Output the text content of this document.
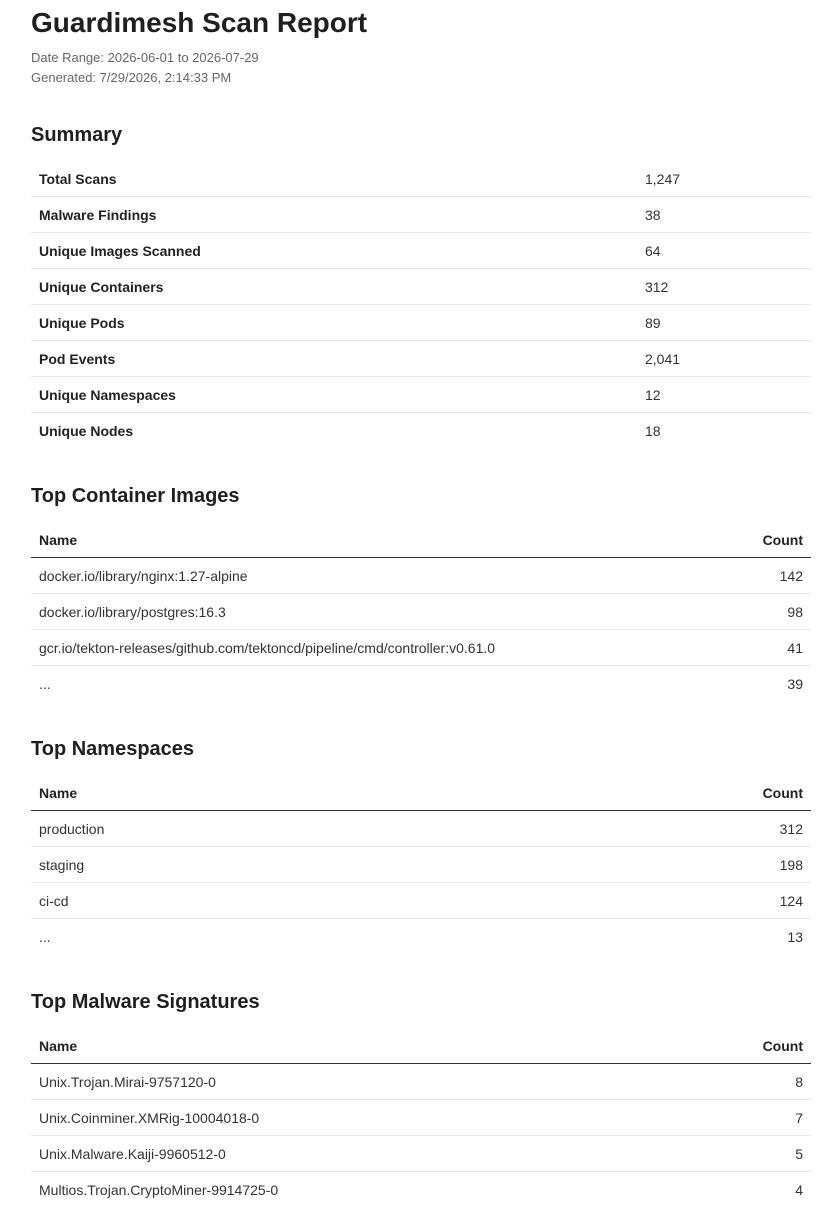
Guardimesh Scan Report
Date Range: 2026-06-01 to 2026-07-29
Generated: 7/29/2026, 2:14:33 PM
Summary
Total Scans	1,247
Malware Findings	38
Unique Images Scanned	64
Unique Containers	312
Unique Pods	89
Pod Events	2,041
Unique Namespaces	12
Unique Nodes	18
Top Container Images
Name	Count
docker.io/library/nginx:1.27-alpine	142
docker.io/library/postgres:16.3	98
gcr.io/tekton-releases/github.com/tektoncd/pipeline/cmd/controller:v0.61.0	41
...	39
Top Namespaces
Name	Count
production	312
staging	198
ci-cd	124
...	13
Top Malware Signatures
Name	Count
Unix.Trojan.Mirai-9757120-0	8
Unix.Coinminer.XMRig-10004018-0	7
Unix.Malware.Kaiji-9960512-0	5
Multios.Trojan.CryptoMiner-9914725-0	4
